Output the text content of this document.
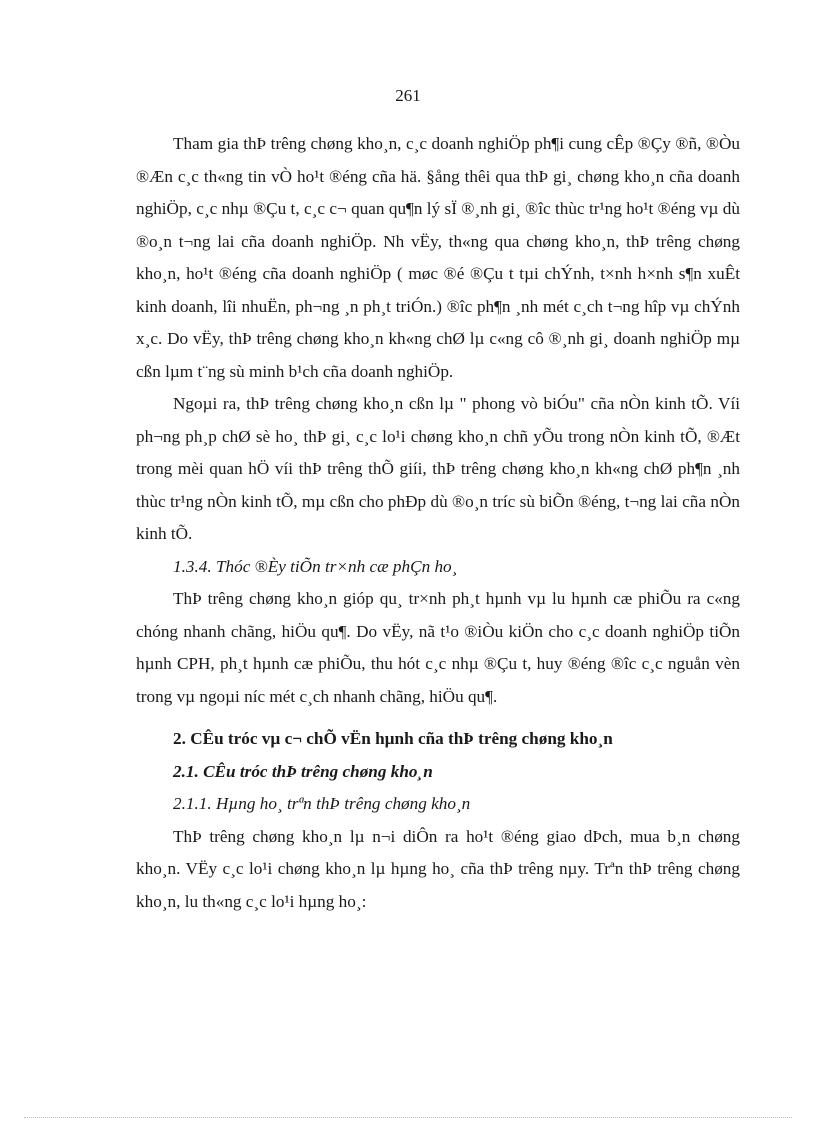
261

Tham gia thÞ trêng chøng kho¸n, c¸c doanh nghiÖp ph¶i cung cÊp ®Çy ®ñ, ®Òu ®Æn c¸c th«ng tin vÒ ho¹t ®éng cña hä. §ång thêi qua thÞ gi¸ chøng kho¸n cña doanh nghiÖp, c¸c nhµ ®Çu t, c¸c c¬ quan qu¶n lý sÏ ®¸nh gi¸ ®îc thùc tr¹ng ho¹t ®éng vµ dù ®o¸n t¬ng lai cña doanh nghiÖp. Nh vËy, th«ng qua chøng kho¸n, thÞ trêng chøng kho¸n, ho¹t ®éng cña doanh nghiÖp ( møc ®é ®Çu t tµi chÝnh, t×nh h×nh s¶n xuÊt kinh doanh, lîi nhuËn, ph¬ng ¸n ph¸t triÓn.) ®îc ph¶n ¸nh mét c¸ch t¬ng hîp vµ chÝnh x¸c. Do vËy, thÞ trêng chøng kho¸n kh«ng chØ lµ c«ng cô ®¸nh gi¸ doanh nghiÖp mµ cßn lµm t¨ng sù minh b¹ch cña doanh nghiÖp.

Ngoµi ra, thÞ trêng chøng kho¸n cßn lµ " phong vò biÓu" cña nÒn kinh tÕ. Víi ph¬ng ph¸p chØ sè ho¸ thÞ gi¸ c¸c lo¹i chøng kho¸n chñ yÕu trong nÒn kinh tÕ, ®Æt trong mèi quan hÖ víi thÞ trêng thÕ giíi, thÞ trêng chøng kho¸n kh«ng chØ ph¶n ¸nh thùc tr¹ng nÒn kinh tÕ, mµ cßn cho phÐp dù ®o¸n tríc sù biÕn ®éng, t¬ng lai cña nÒn kinh tÕ.

1.3.4. Thóc ®Èy tiÕn tr×nh cæ phÇn ho¸

ThÞ trêng chøng kho¸n gióp qu¸ tr×nh ph¸t hµnh vµ lu hµnh cæ phiÕu ra c«ng chóng nhanh chãng, hiÖu qu¶. Do vËy, nã t¹o ®iÒu kiÖn cho c¸c doanh nghiÖp tiÕn hµnh CPH, ph¸t hµnh cæ phiÕu, thu hót c¸c nhµ ®Çu t, huy ®éng ®îc c¸c nguån vèn trong vµ ngoµi níc mét c¸ch nhanh chãng, hiÖu qu¶.

2. CÊu tróc vµ c¬ chÕ vËn hµnh cña thÞ trêng chøng kho¸n

2.1. CÊu tróc thÞ trêng chøng kho¸n

2.1.1. Hµng ho¸ trªn thÞ trêng chøng kho¸n

ThÞ trêng chøng kho¸n lµ n¬i diÔn ra ho¹t ®éng giao dÞch, mua b¸n chøng kho¸n. VËy c¸c lo¹i chøng kho¸n lµ hµng ho¸ cña thÞ trêng nµy. Trªn thÞ trêng chøng kho¸n, lu th«ng c¸c lo¹i hµng ho¸:
